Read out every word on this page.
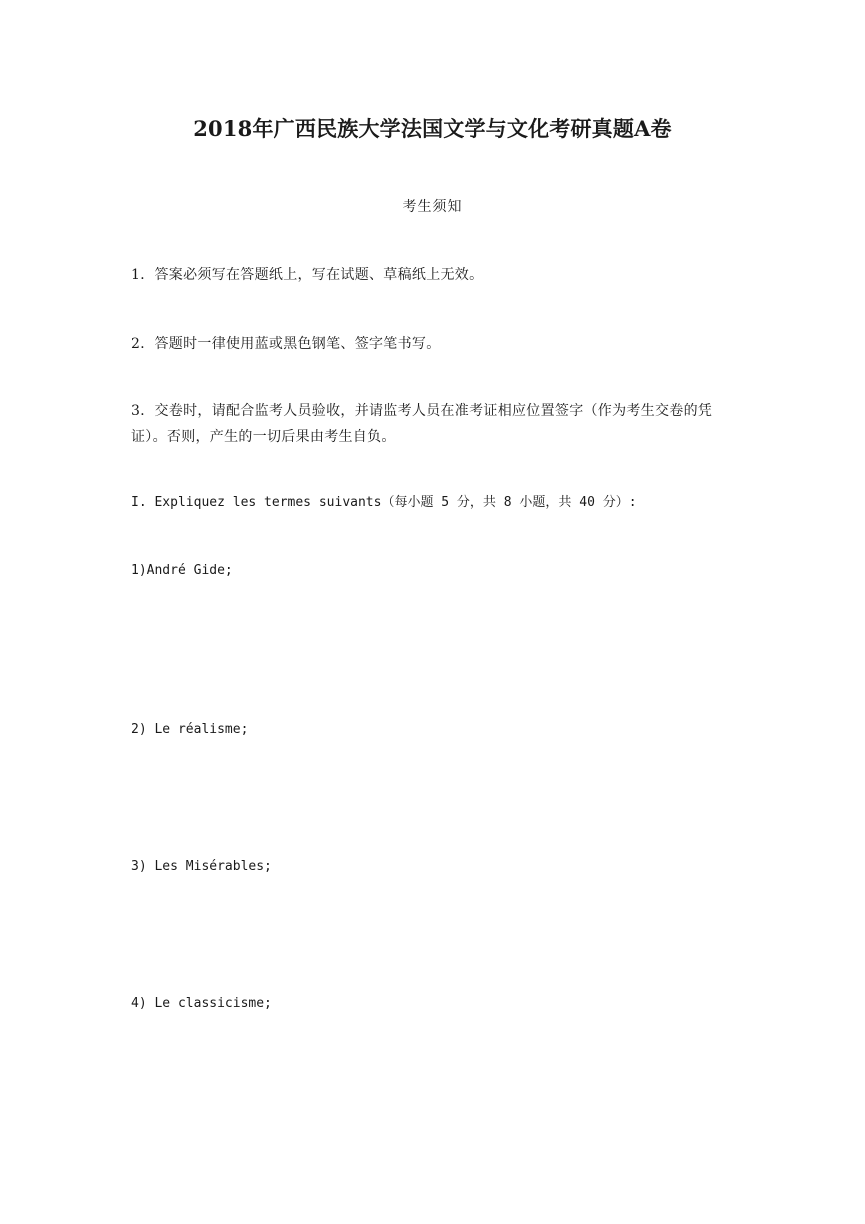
2018年广西民族大学法国文学与文化考研真题A卷
考生须知
1．答案必须写在答题纸上，写在试题、草稿纸上无效。
2．答题时一律使用蓝或黑色钢笔、签字笔书写。
3．交卷时，请配合监考人员验收，并请监考人员在准考证相应位置签字（作为考生交卷的凭证）。否则，产生的一切后果由考生自负。
I. Expliquez les termes suivants（每小题 5 分，共 8 小题，共 40 分）:
1)André Gide;
2) Le réalisme;
3) Les Misérables;
4) Le classicisme;
